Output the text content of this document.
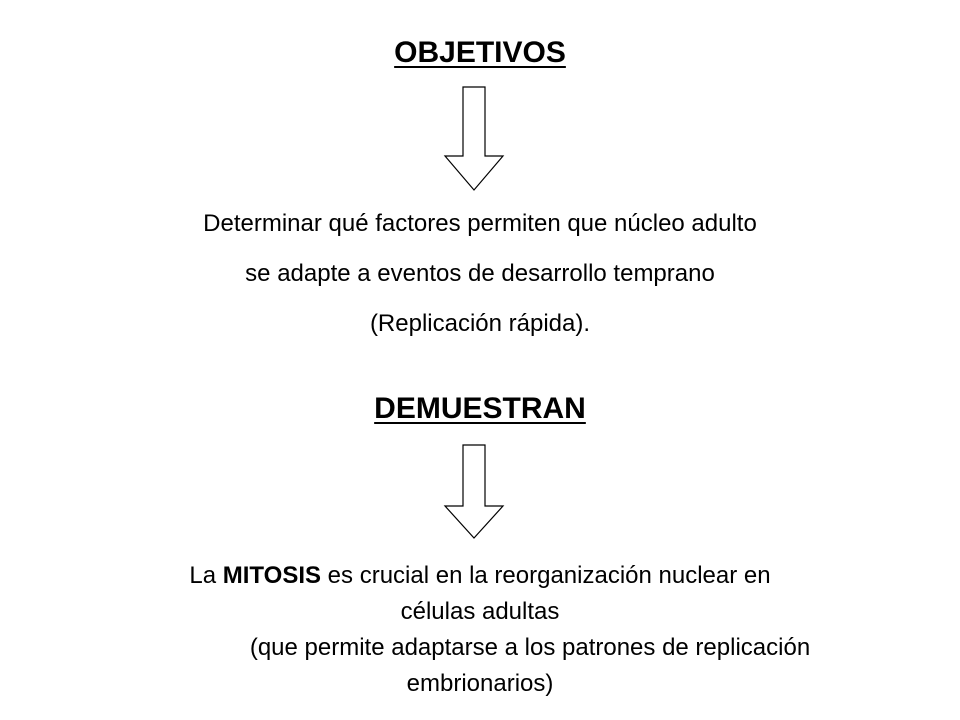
OBJETIVOS
Determinar qué factores permiten que núcleo adulto
se adapte a eventos de desarrollo temprano
(Replicación rápida).
DEMUESTRAN
La MITOSIS es crucial en la reorganización nuclear en
células adultas
(que permite adaptarse a los patrones de replicación
embrionarios)
